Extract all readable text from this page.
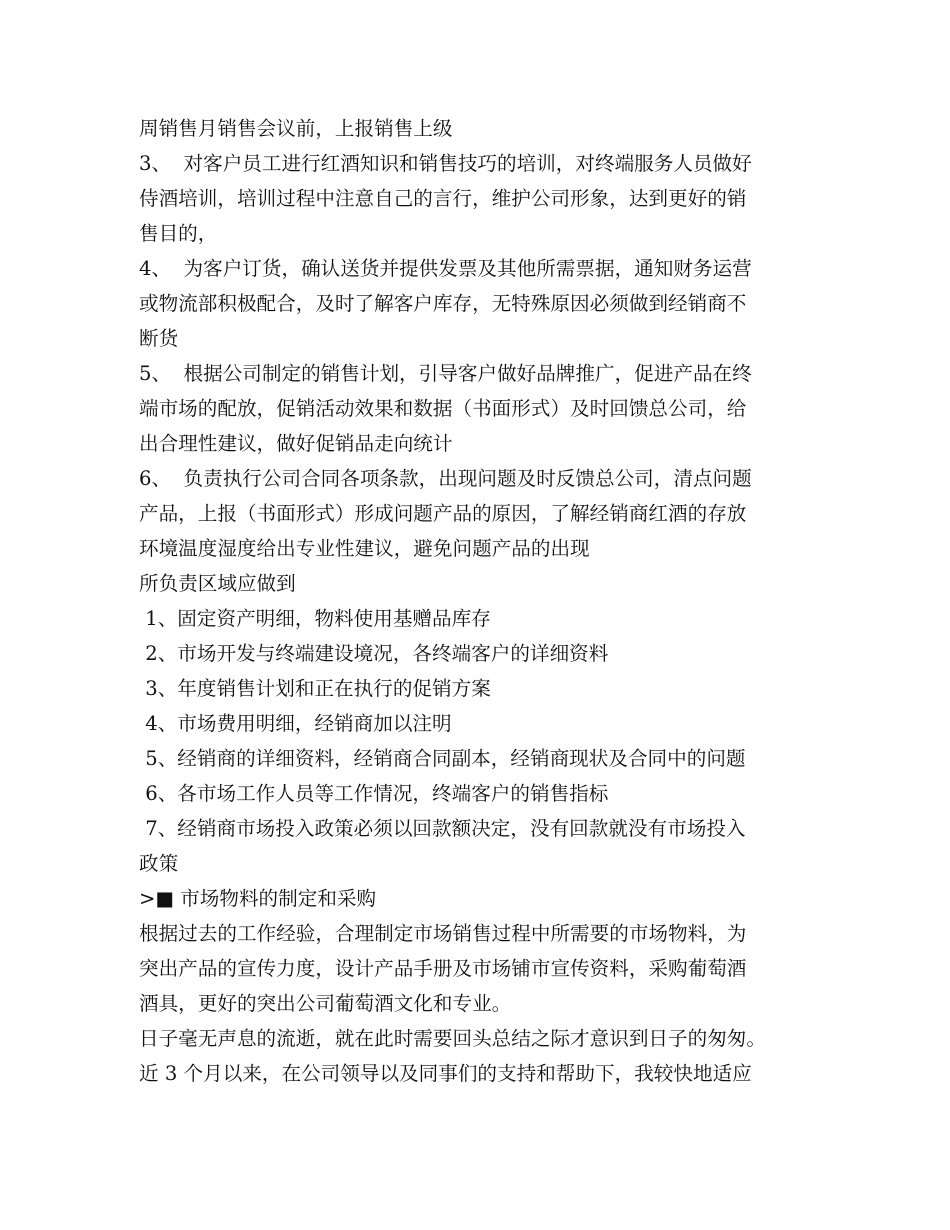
周销售月销售会议前，上报销售上级
3、  对客户员工进行红酒知识和销售技巧的培训，对终端服务人员做好
侍酒培训，培训过程中注意自己的言行，维护公司形象，达到更好的销
售目的，
4、  为客户订货，确认送货并提供发票及其他所需票据，通知财务运营
或物流部积极配合，及时了解客户库存，无特殊原因必须做到经销商不
断货
5、  根据公司制定的销售计划，引导客户做好品牌推广，促进产品在终
端市场的配放，促销活动效果和数据（书面形式）及时回馈总公司，给
出合理性建议，做好促销品走向统计
6、  负责执行公司合同各项条款，出现问题及时反馈总公司，清点问题
产品，上报（书面形式）形成问题产品的原因，了解经销商红酒的存放
环境温度湿度给出专业性建议，避免问题产品的出现
所负责区域应做到
1、固定资产明细，物料使用基赠品库存
2、市场开发与终端建设境况，各终端客户的详细资料
3、年度销售计划和正在执行的促销方案
4、市场费用明细，经销商加以注明
5、经销商的详细资料，经销商合同副本，经销商现状及合同中的问题
6、各市场工作人员等工作情况，终端客户的销售指标
7、经销商市场投入政策必须以回款额决定，没有回款就没有市场投入
政策
>■ 市场物料的制定和采购
根据过去的工作经验，合理制定市场销售过程中所需要的市场物料，为
突出产品的宣传力度，设计产品手册及市场铺市宣传资料，采购葡萄酒
酒具，更好的突出公司葡萄酒文化和专业。
日子毫无声息的流逝，就在此时需要回头总结之际才意识到日子的匆匆。
近 3 个月以来，在公司领导以及同事们的支持和帮助下，我较快地适应
